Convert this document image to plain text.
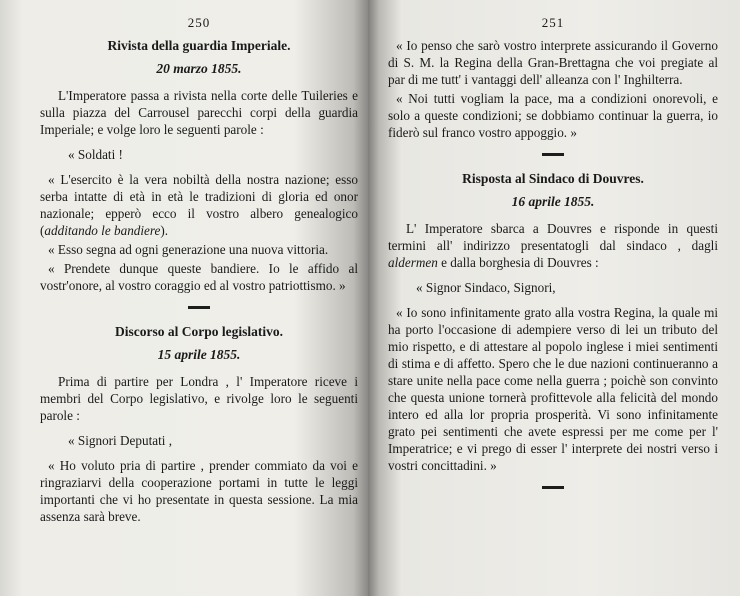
250
Rivista della guardia Imperiale.
20 marzo 1855.

L'Imperatore passa a rivista nella corte delle Tuileries e sulla piazza del Carrousel parecchi corpi della guardia Imperiale; e volge loro le seguenti parole :

« Soldati !

« L'esercito è la vera nobiltà della nostra nazione; esso serba intatte di età in età le tradizioni di gloria ed onor nazionale; epperò ecco il vostro albero genealogico (additando le bandiere).

« Esso segna ad ogni generazione una nuova vittoria.

« Prendete dunque queste bandiere. Io le affido al vostr'onore, al vostro coraggio ed al vostro patriottismo. »

Discorso al Corpo legislativo.
15 aprile 1855.

Prima di partire per Londra , l' Imperatore riceve i membri del Corpo legislativo, e rivolge loro le seguenti parole :

« Signori Deputati ,

« Ho voluto pria di partire , prender commiato da voi e ringraziarvi della cooperazione portami in tutte le leggi importanti che vi ho presentate in questa sessione. La mia assenza sarà breve.

251

« Io penso che sarò vostro interprete assicurando il Governo di S. M. la Regina della Gran-Brettagna che voi pregiate al par di me tutt' i vantaggi dell' alleanza con l' Inghilterra.

« Noi tutti vogliam la pace, ma a condizioni onorevoli, e solo a queste condizioni; se dobbiamo continuar la guerra, io fiderò sul franco vostro appoggio. »

Risposta al Sindaco di Douvres.
16 aprile 1855.

L' Imperatore sbarca a Douvres e risponde in questi termini all' indirizzo presentatogli dal sindaco , dagli aldermen e dalla borghesia di Douvres :

« Signor Sindaco, Signori,

« Io sono infinitamente grato alla vostra Regina, la quale mi ha porto l'occasione di adempiere verso di lei un tributo del mio rispetto, e di attestare al popolo inglese i miei sentimenti di stima e di affetto. Spero che le due nazioni continueranno a stare unite nella pace come nella guerra ; poichè son convinto che questa unione tornerà profittevole alla felicità del mondo intero ed alla lor propria prosperità. Vi sono infinitamente grato pei sentimenti che avete espressi per me come per l' Imperatrice; e vi prego di esser l' interprete dei nostri verso i vostri concittadini. »
